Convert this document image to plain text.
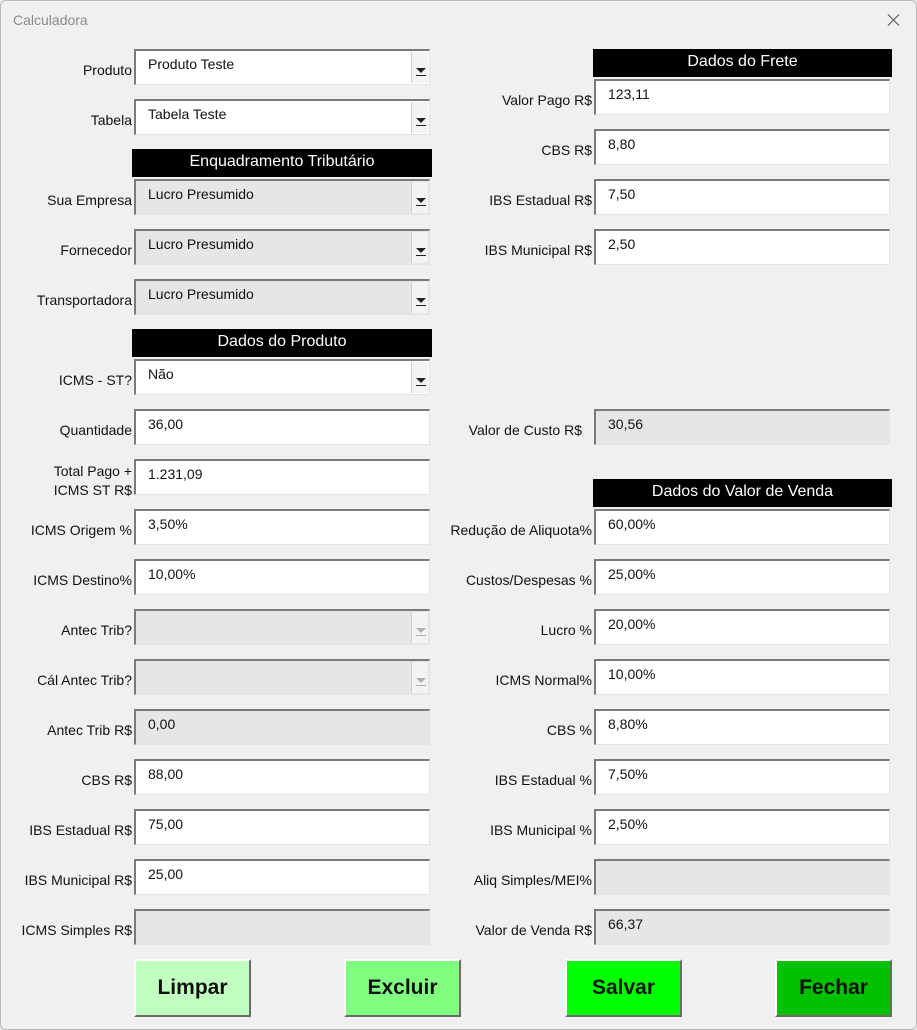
Calculadora
Produto Produto Teste
Tabela Tabela Teste
Enquadramento Tributário
Sua Empresa Lucro Presumido
Fornecedor Lucro Presumido
Transportadora Lucro Presumido
Dados do Produto
ICMS - ST? Não
Quantidade 36,00
Total Pago +
ICMS ST R$
1.231,09
ICMS Origem % 3,50%
ICMS Destino% 10,00%
Antec Trib?
Cál Antec Trib?
Antec Trib R$ 0,00
CBS R$ 88,00
IBS Estadual R$ 75,00
IBS Municipal R$ 25,00
ICMS Simples R$
Dados do Frete
Valor Pago R$ 123,11
CBS R$ 8,80
IBS Estadual R$ 7,50
IBS Municipal R$ 2,50
Valor de Custo R$ 30,56
Dados do Valor de Venda
Redução de Aliquota% 60,00%
Custos/Despesas % 25,00%
Lucro % 20,00%
ICMS Normal% 10,00%
CBS % 8,80%
IBS Estadual % 7,50%
IBS Municipal % 2,50%
Aliq Simples/MEI%
Valor de Venda R$ 66,37
Limpar	Excluir	Salvar	Fechar
